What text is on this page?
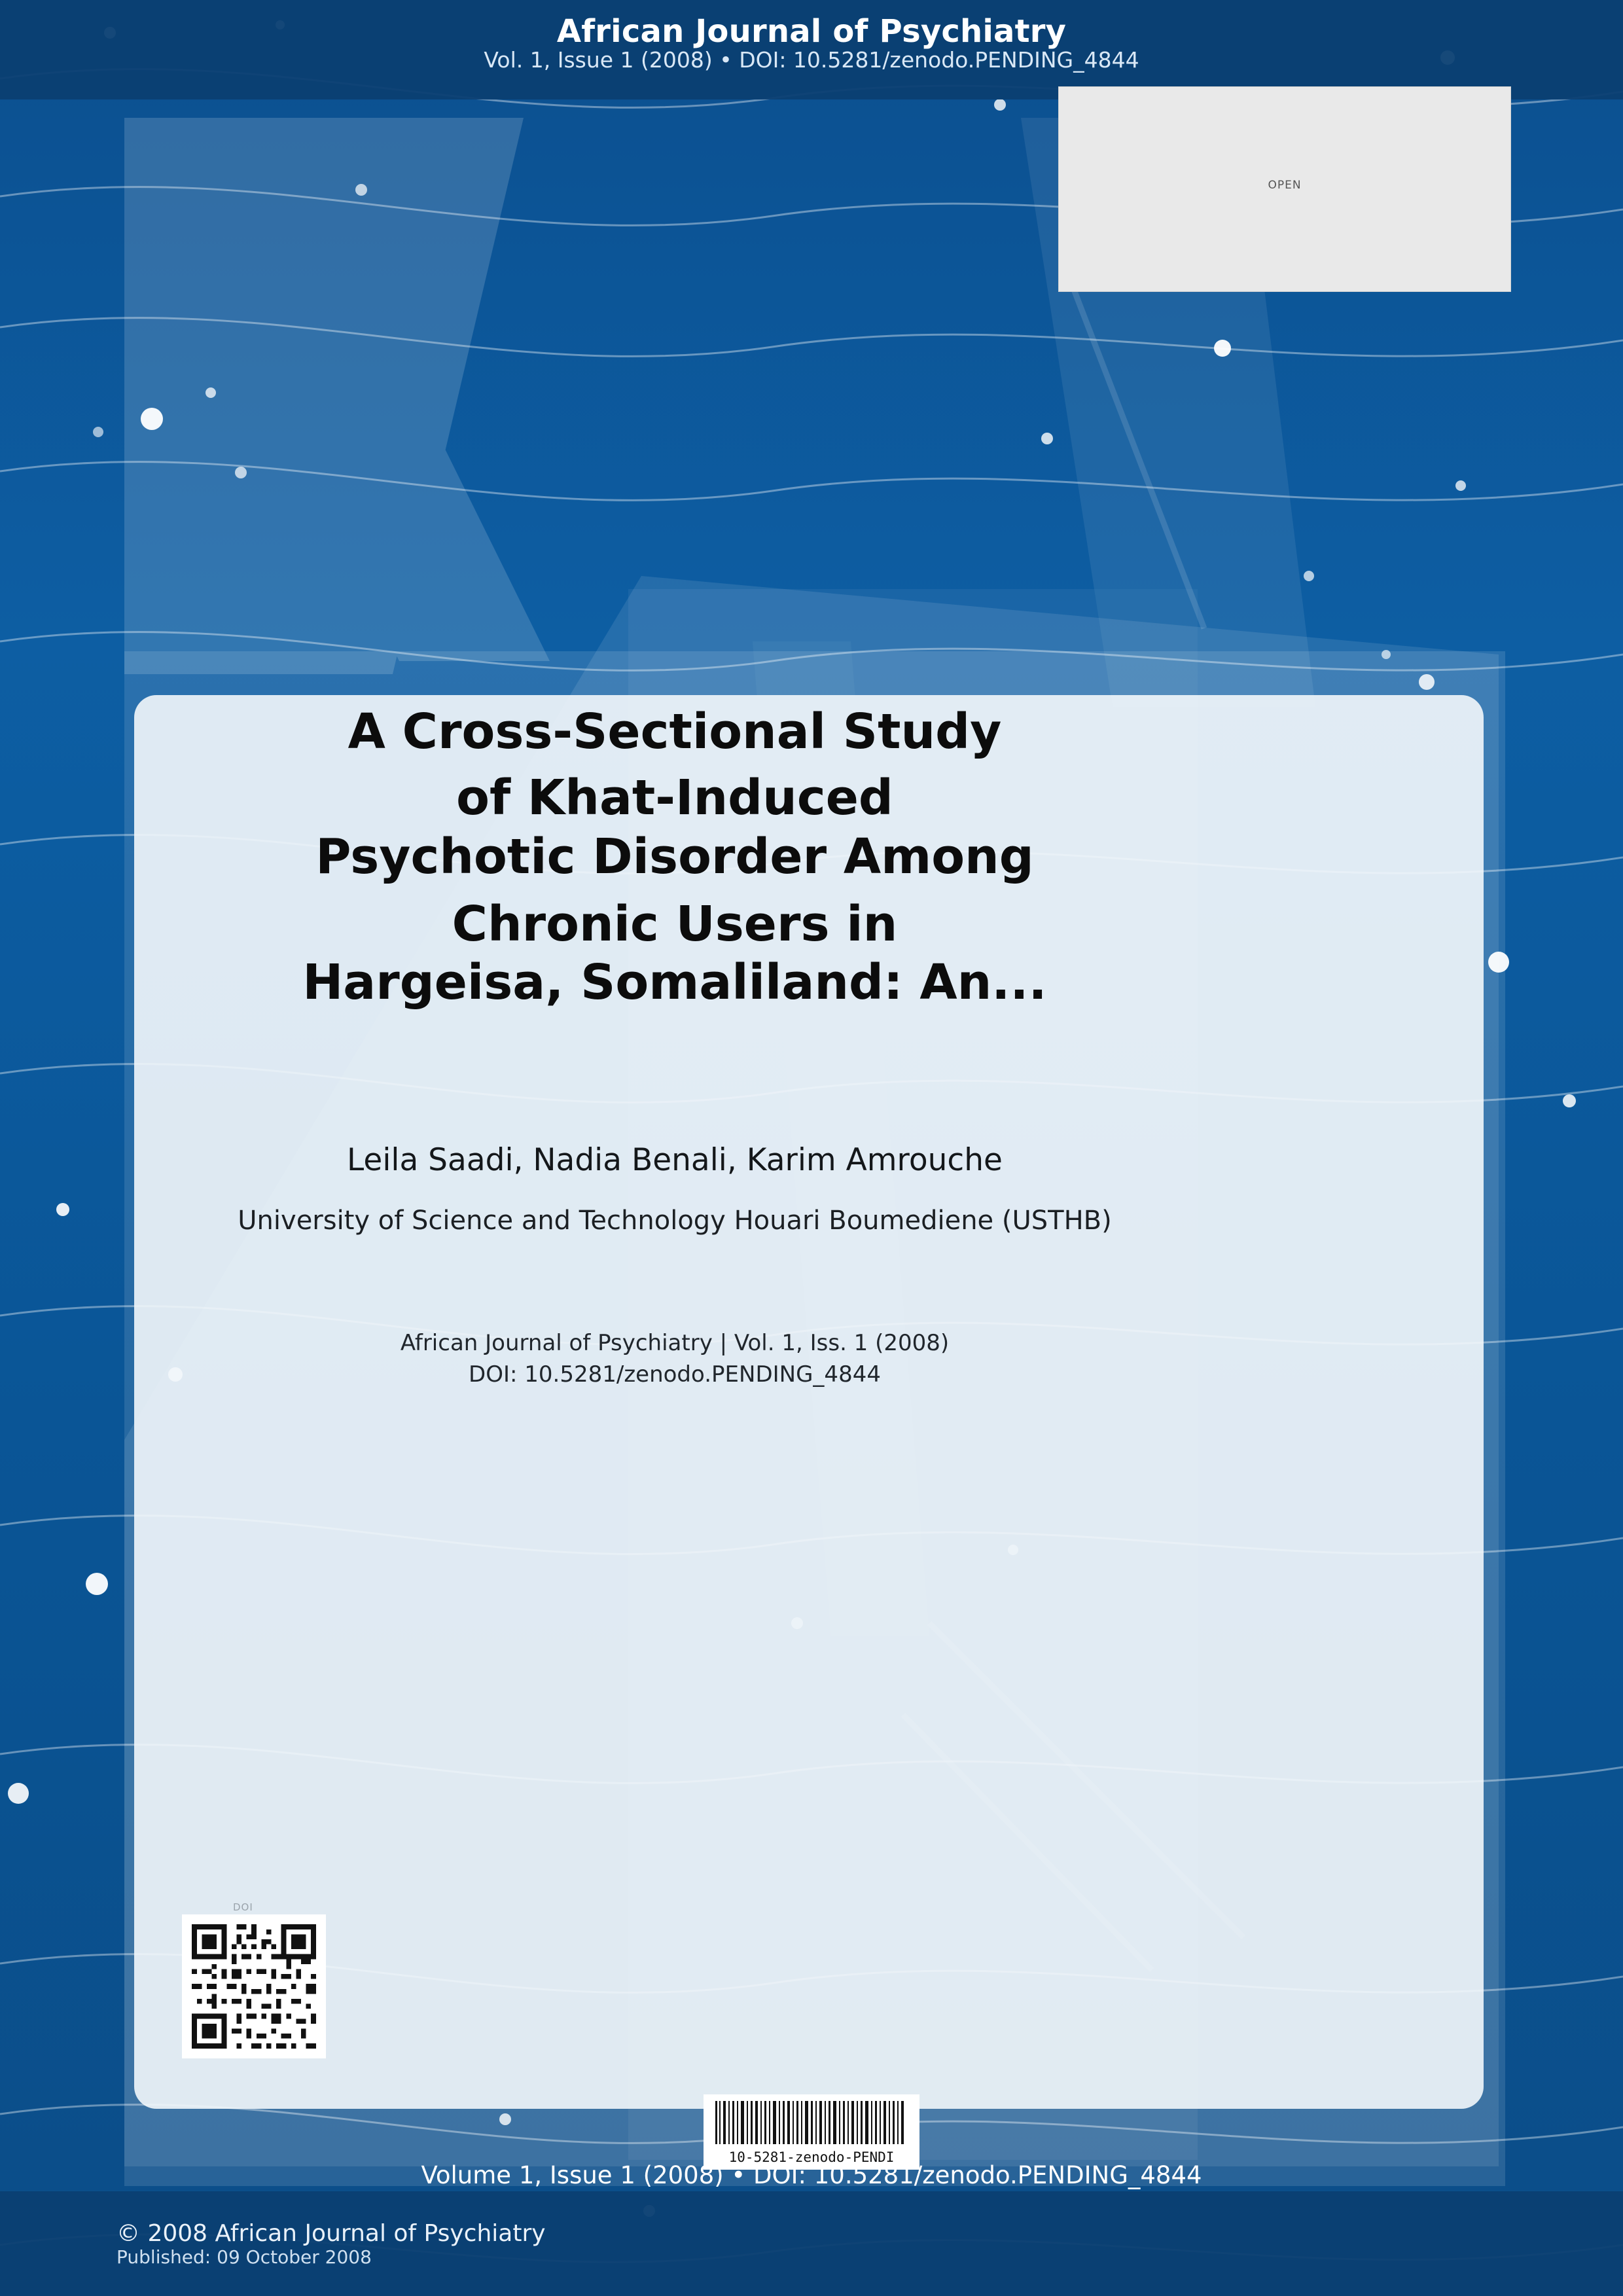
African Journal of Psychiatry
Vol. 1, Issue 1 (2008) • DOI: 10.5281/zenodo.PENDING_4844
OPEN
A Cross-Sectional Study
of Khat-Induced
Psychotic Disorder Among
Chronic Users in
Hargeisa, Somaliland: An...
Leila Saadi, Nadia Benali, Karim Amrouche
University of Science and Technology Houari Boumediene (USTHB)
African Journal of Psychiatry | Vol. 1, Iss. 1 (2008)
DOI: 10.5281/zenodo.PENDING_4844
DOI
10-5281-zenodo-PENDI
Volume 1, Issue 1 (2008) • DOI: 10.5281/zenodo.PENDING_4844
© 2008 African Journal of Psychiatry
Published: 09 October 2008
